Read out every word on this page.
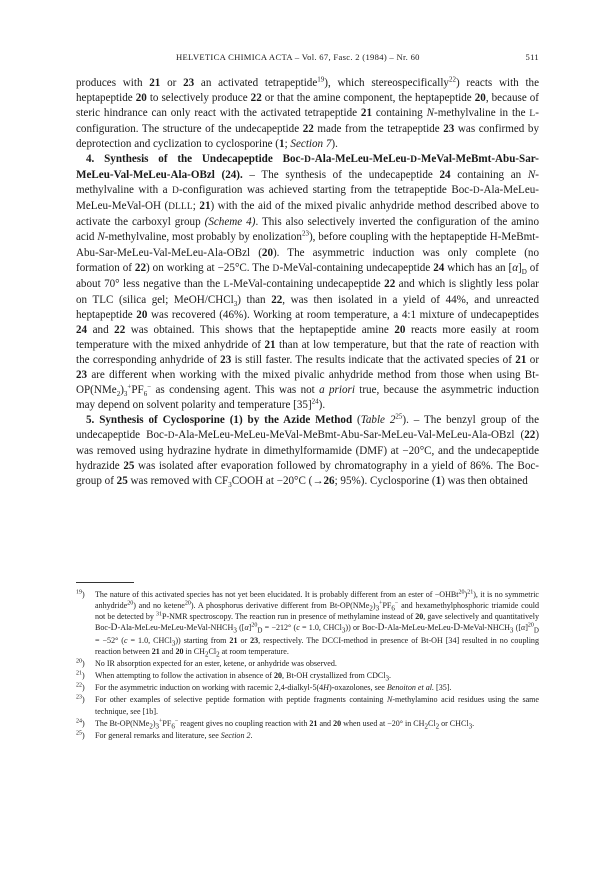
HELVETICA CHIMICA ACTA – Vol. 67, Fasc. 2 (1984) – Nr. 60	511

produces with 21 or 23 an activated tetrapeptide$^{19}$), which stereospecifically$^{22}$) reacts with the heptapeptide 20 to selectively produce 22 or that the amine component, the heptapeptide 20, because of steric hindrance can only react with the activated tetrapeptide 21 containing N-methylvaline in the L-configuration. The structure of the undecapeptide 22 made from the tetrapeptide 23 was confirmed by deprotection and cyclization to cyclosporine (1; Section 7).

4. Synthesis of the Undecapeptide Boc-D-Ala-MeLeu-MeLeu-D-MeVal-MeBmt-Abu-Sar-MeLeu-Val-MeLeu-Ala-OBzl (24). – The synthesis of the undecapeptide 24 containing an N-methylvaline with a D-configuration was achieved starting from the tetrapeptide Boc-D-Ala-MeLeu-MeLeu-MeVal-OH (DLLL; 21) with the aid of the mixed pivalic anhydride method described above to activate the carboxyl group (Scheme 4). This also selectively inverted the configuration of the amino acid N-methylvaline, most probably by enolization$^{23}$), before coupling with the heptapeptide H-MeBmt-Abu-Sar-MeLeu-Val-MeLeu-Ala-OBzl (20). The asymmetric induction was only complete (no formation of 22) on working at −25°C. The D-MeVal-containing undecapeptide 24 which has an $[\alpha]_D$ of about 70° less negative than the L-MeVal-containing undecapeptide 22 and which is slightly less polar on TLC (silica gel; MeOH/CHCl$_3$) than 22, was then isolated in a yield of 44%, and unreacted heptapeptide 20 was recovered (46%). Working at room temperature, a 4:1 mixture of undecapeptides 24 and 22 was obtained. This shows that the heptapeptide amine 20 reacts more easily at room temperature with the mixed anhydride of 21 than at low temperature, but that the rate of reaction with the corresponding anhydride of 23 is still faster. The results indicate that the activated species of 21 or 23 are different when working with the mixed pivalic anhydride method from those when using $Bt-OP(NMe_2)_3^+PF_6^-$ as condensing agent. This was not a priori true, because the asymmetric induction may depend on solvent polarity and temperature $[35]^{24}$).

5. Synthesis of Cyclosporine (1) by the Azide Method (Table $2^{25}$). – The benzyl group of the undecapeptide Boc-D-Ala-MeLeu-MeLeu-MeVal-MeBmt-Abu-Sar-MeLeu-Val-MeLeu-Ala-OBzl (22) was removed using hydrazine hydrate in dimethylformamide (DMF) at −20°C, and the undecapeptide hydrazide 25 was isolated after evaporation followed by chromatography in a yield of 86%. The Boc-group of 25 was removed with $CF_3COOH$ at −20°C (→26; 95%). Cyclosporine (1) was then obtained

$^{19}$) The nature of this activated species has not yet been elucidated. It is probably different from an ester of −OHBt$^{20}$)$^{21}$), it is no symmetric anhydride$^{20}$) and no ketene$^{20}$). A phosphorus derivative different from $Bt-OP(NMe_2)_3^+PF_6^-$ and hexamethylphosphoric triamide could not be detected by $^{31}$P-NMR spectroscopy. The reaction run in presence of methylamine instead of 20, gave selectively and quantitatively Boc-$D-Ala-MeLeu-MeLeu-MeVal-NHCH_3$ ($[\alpha]^{20}_D = -212^\circ$ (c = 1.0, CHCl$_3$)) or Boc-$D-Ala-MeLeu-MeLeu-D-MeVal-NHCH_3$ ($[\alpha]^{20}_D = -52^\circ$ (c = 1.0, CHCl$_3$)) starting from 21 or 23, respectively. The DCCI-method in presence of Bt-OH [34] resulted in no coupling reaction between 21 and 20 in $CH_2Cl_2$ at room temperature.
$^{20}$) No IR absorption expected for an ester, ketene, or anhydride was observed.
$^{21}$) When attempting to follow the activation in absence of 20, Bt-OH crystallized from CDCl$_3$.
$^{22}$) For the asymmetric induction on working with racemic 2,4-dialkyl-5(4H)-oxazolones, see Benoiton et al. [35].
$^{23}$) For other examples of selective peptide formation with peptide fragments containing N-methylamino acid residues using the same technique, see [1b].
$^{24}$) The $Bt-OP(NMe_2)_3^+PF_6^-$ reagent gives no coupling reaction with 21 and 20 when used at −20° in $CH_2Cl_2$ or CHCl$_3$.
$^{25}$) For general remarks and literature, see Section 2.
